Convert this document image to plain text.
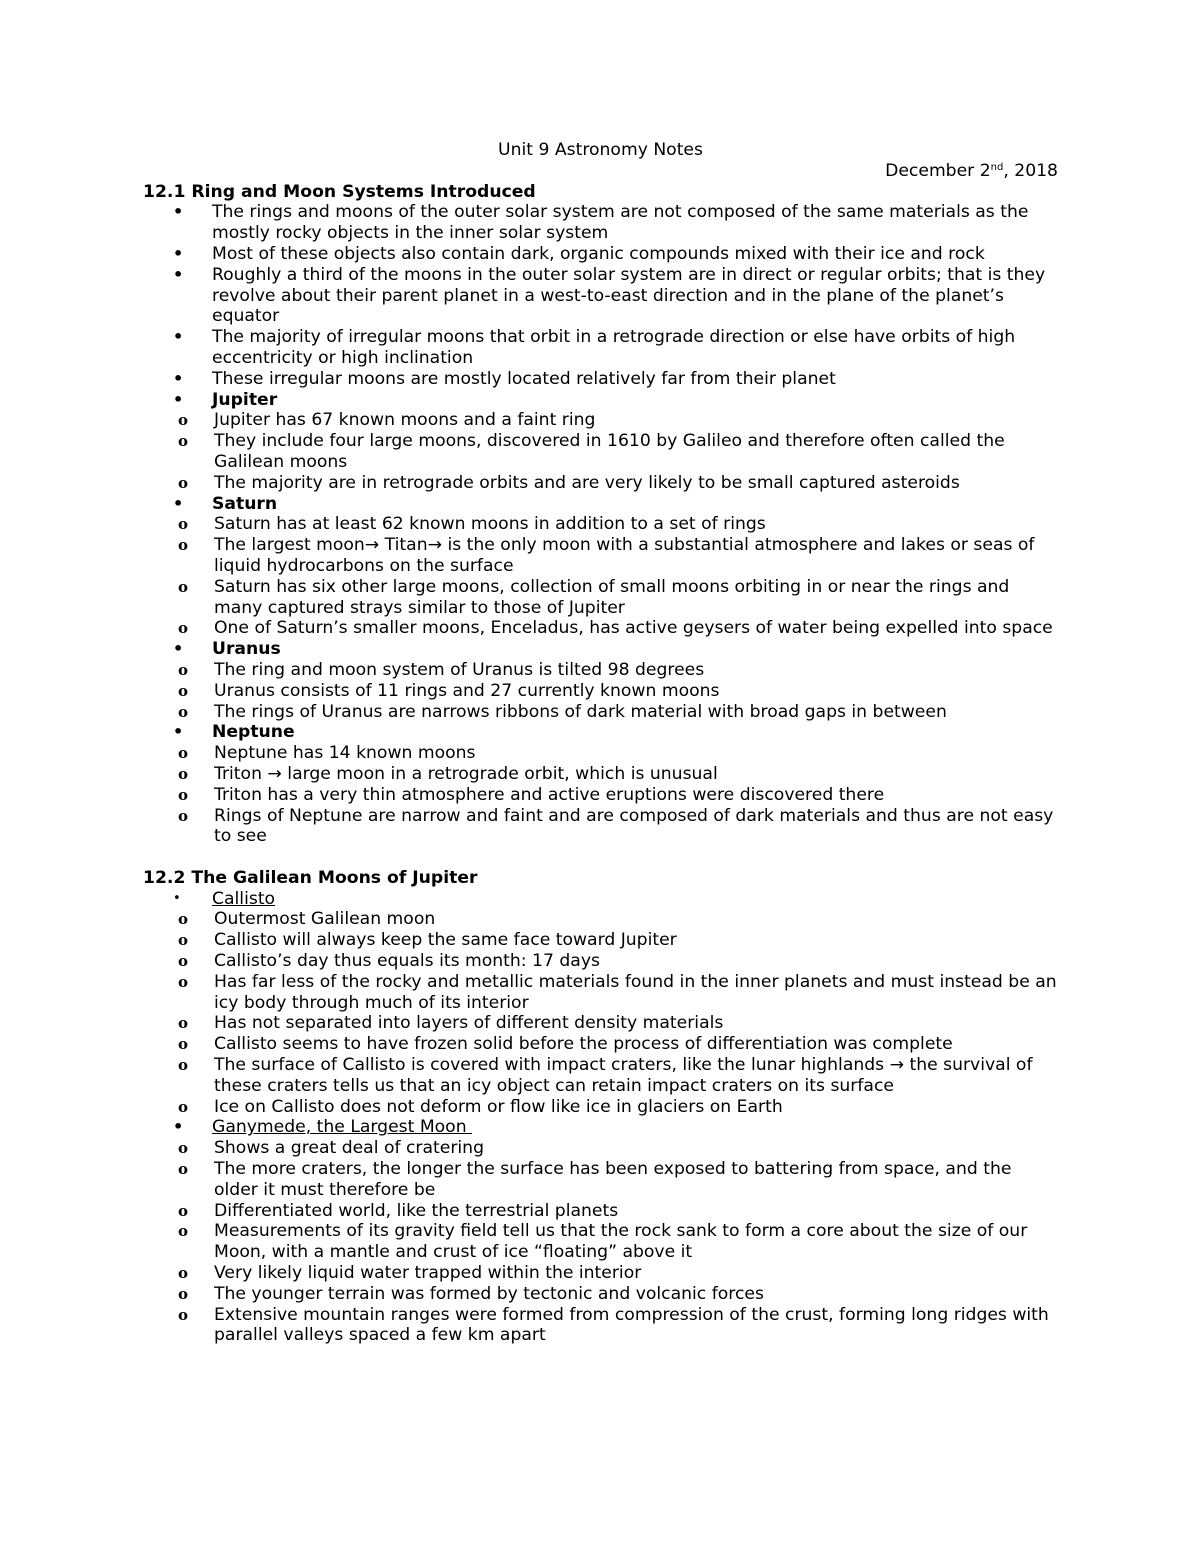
Unit 9 Astronomy Notes
December 2nd, 2018
12.1 Ring and Moon Systems Introduced
• The rings and moons of the outer solar system are not composed of the same materials as the mostly rocky objects in the inner solar system
• Most of these objects also contain dark, organic compounds mixed with their ice and rock
• Roughly a third of the moons in the outer solar system are in direct or regular orbits; that is they revolve about their parent planet in a west-to-east direction and in the plane of the planet’s equator
• The majority of irregular moons that orbit in a retrograde direction or else have orbits of high eccentricity or high inclination
• These irregular moons are mostly located relatively far from their planet
• Jupiter
o Jupiter has 67 known moons and a faint ring
o They include four large moons, discovered in 1610 by Galileo and therefore often called the Galilean moons
o The majority are in retrograde orbits and are very likely to be small captured asteroids
• Saturn
o Saturn has at least 62 known moons in addition to a set of rings
o The largest moon→ Titan→ is the only moon with a substantial atmosphere and lakes or seas of liquid hydrocarbons on the surface
o Saturn has six other large moons, collection of small moons orbiting in or near the rings and many captured strays similar to those of Jupiter
o One of Saturn’s smaller moons, Enceladus, has active geysers of water being expelled into space
• Uranus
o The ring and moon system of Uranus is tilted 98 degrees
o Uranus consists of 11 rings and 27 currently known moons
o The rings of Uranus are narrows ribbons of dark material with broad gaps in between
• Neptune
o Neptune has 14 known moons
o Triton → large moon in a retrograde orbit, which is unusual
o Triton has a very thin atmosphere and active eruptions were discovered there
o Rings of Neptune are narrow and faint and are composed of dark materials and thus are not easy to see
12.2 The Galilean Moons of Jupiter
• Callisto
o Outermost Galilean moon
o Callisto will always keep the same face toward Jupiter
o Callisto’s day thus equals its month: 17 days
o Has far less of the rocky and metallic materials found in the inner planets and must instead be an icy body through much of its interior
o Has not separated into layers of different density materials
o Callisto seems to have frozen solid before the process of differentiation was complete
o The surface of Callisto is covered with impact craters, like the lunar highlands → the survival of these craters tells us that an icy object can retain impact craters on its surface
o Ice on Callisto does not deform or flow like ice in glaciers on Earth
• Ganymede, the Largest Moon
o Shows a great deal of cratering
o The more craters, the longer the surface has been exposed to battering from space, and the older it must therefore be
o Differentiated world, like the terrestrial planets
o Measurements of its gravity field tell us that the rock sank to form a core about the size of our Moon, with a mantle and crust of ice “floating” above it
o Very likely liquid water trapped within the interior
o The younger terrain was formed by tectonic and volcanic forces
o Extensive mountain ranges were formed from compression of the crust, forming long ridges with parallel valleys spaced a few km apart
